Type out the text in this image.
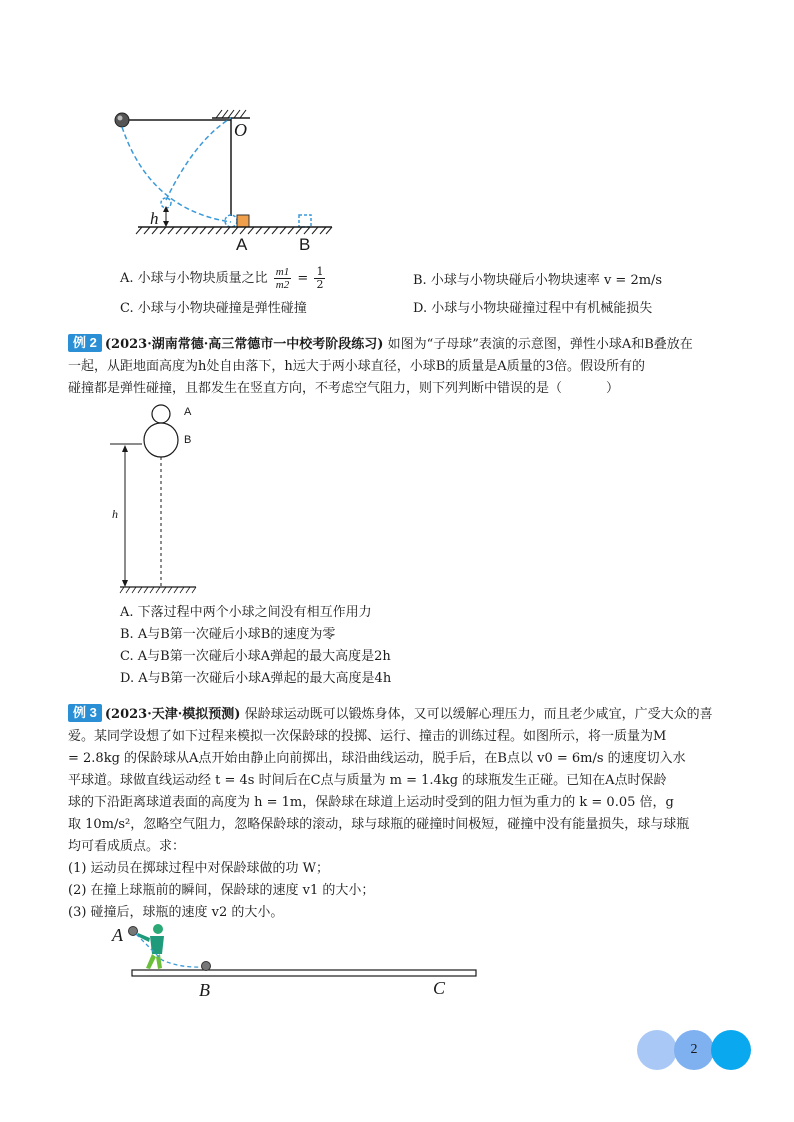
O
h
A	B
A. 小球与小物块质量之比 $\frac{m1}{m2} = \frac{1}{2}$	B. 小球与小物块碰后小物块速率 v = 2m/s
C. 小球与小物块碰撞是弹性碰撞	D. 小球与小物块碰撞过程中有机械能损失
例 2 (2023·湖南常德·高三常德市一中校考阶段练习) 如图为“子母球”表演的示意图，弹性小球A和B叠放在
一起，从距地面高度为h处自由落下，h远大于两小球直径，小球B的质量是A质量的3倍。假设所有的
碰撞都是弹性碰撞，且都发生在竖直方向，不考虑空气阻力，则下列判断中错误的是（	）
A
B
h
A. 下落过程中两个小球之间没有相互作用力
B. A与B第一次碰后小球B的速度为零
C. A与B第一次碰后小球A弹起的最大高度是2h
D. A与B第一次碰后小球A弹起的最大高度是4h
例 3 (2023·天津·模拟预测) 保龄球运动既可以锻炼身体，又可以缓解心理压力，而且老少咸宜，广受大众的喜
爱。某同学设想了如下过程来模拟一次保龄球的投掷、运行、撞击的训练过程。如图所示，将一质量为M
= 2.8kg 的保龄球从A点开始由静止向前掷出，球沿曲线运动，脱手后，在B点以 v0 = 6m/s 的速度切入水
平球道。球做直线运动经 t = 4s 时间后在C点与质量为 m = 1.4kg 的球瓶发生正碰。已知在A点时保龄
球的下沿距离球道表面的高度为 h = 1m，保龄球在球道上运动时受到的阻力恒为重力的 k = 0.05 倍，g
取 10m/s²，忽略空气阻力，忽略保龄球的滚动，球与球瓶的碰撞时间极短，碰撞中没有能量损失，球与球瓶
均可看成质点。求：
(1) 运动员在掷球过程中对保龄球做的功 W；
(2) 在撞上球瓶前的瞬间，保龄球的速度 v1 的大小；
(3) 碰撞后，球瓶的速度 v2 的大小。
A
B	C
2
